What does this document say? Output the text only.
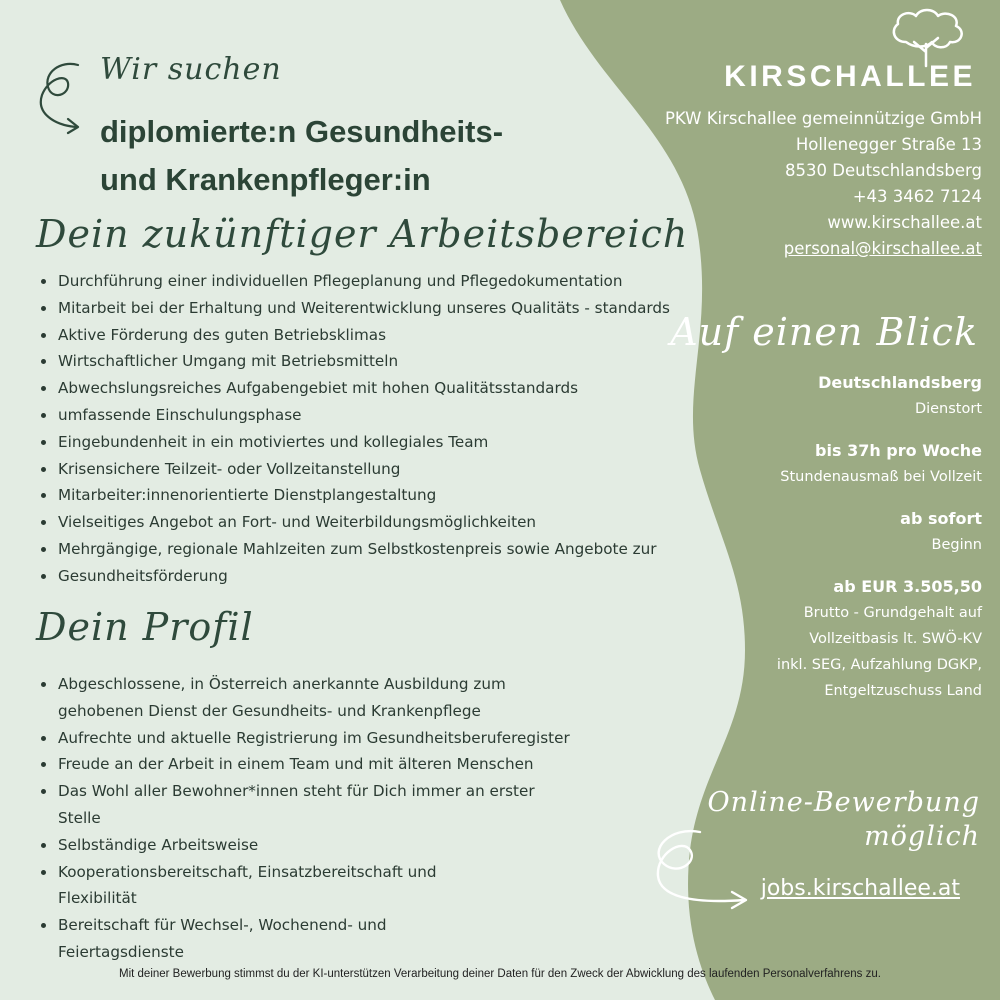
Wir suchen
diplomierte:n Gesundheits-
und Krankenpfleger:in
Dein zukünftiger Arbeitsbereich
Durchführung einer individuellen Pflegeplanung und Pflegedokumentation
Mitarbeit bei der Erhaltung und Weiterentwicklung unseres Qualitäts - standards
Aktive Förderung des guten Betriebsklimas
Wirtschaftlicher Umgang mit Betriebsmitteln
Abwechslungsreiches Aufgabengebiet mit hohen Qualitätsstandards
umfassende Einschulungsphase
Eingebundenheit in ein motiviertes und kollegiales Team
Krisensichere Teilzeit- oder Vollzeitanstellung
Mitarbeiter:innenorientierte Dienstplangestaltung
Vielseitiges Angebot an Fort- und Weiterbildungsmöglichkeiten
Mehrgängige, regionale Mahlzeiten zum Selbstkostenpreis sowie Angebote zur
Gesundheitsförderung
Dein Profil
Abgeschlossene, in Österreich anerkannte Ausbildung zum
gehobenen Dienst der Gesundheits- und Krankenpflege
Aufrechte und aktuelle Registrierung im Gesundheitsberuferegister
Freude an der Arbeit in einem Team und mit älteren Menschen
Das Wohl aller Bewohner*innen steht für Dich immer an erster
Stelle
Selbständige Arbeitsweise
Kooperationsbereitschaft, Einsatzbereitschaft und
Flexibilität
Bereitschaft für Wechsel-, Wochenend- und
Feiertagsdienste
Mit deiner Bewerbung stimmst du der KI-unterstützen Verarbeitung deiner Daten für den Zweck der Abwicklung des laufenden Personalverfahrens zu.
KIRSCHALLEE
PKW Kirschallee gemeinnützige GmbH
Hollenegger Straße 13
8530 Deutschlandsberg
+43 3462 7124
www.kirschallee.at
personal@kirschallee.at
Auf einen Blick
Deutschlandsberg
Dienstort
bis 37h pro Woche
Stundenausmaß bei Vollzeit
ab sofort
Beginn
ab EUR 3.505,50
Brutto - Grundgehalt auf
Vollzeitbasis lt. SWÖ-KV
inkl. SEG, Aufzahlung DGKP,
Entgeltzuschuss Land
Online-Bewerbung
möglich
jobs.kirschallee.at
